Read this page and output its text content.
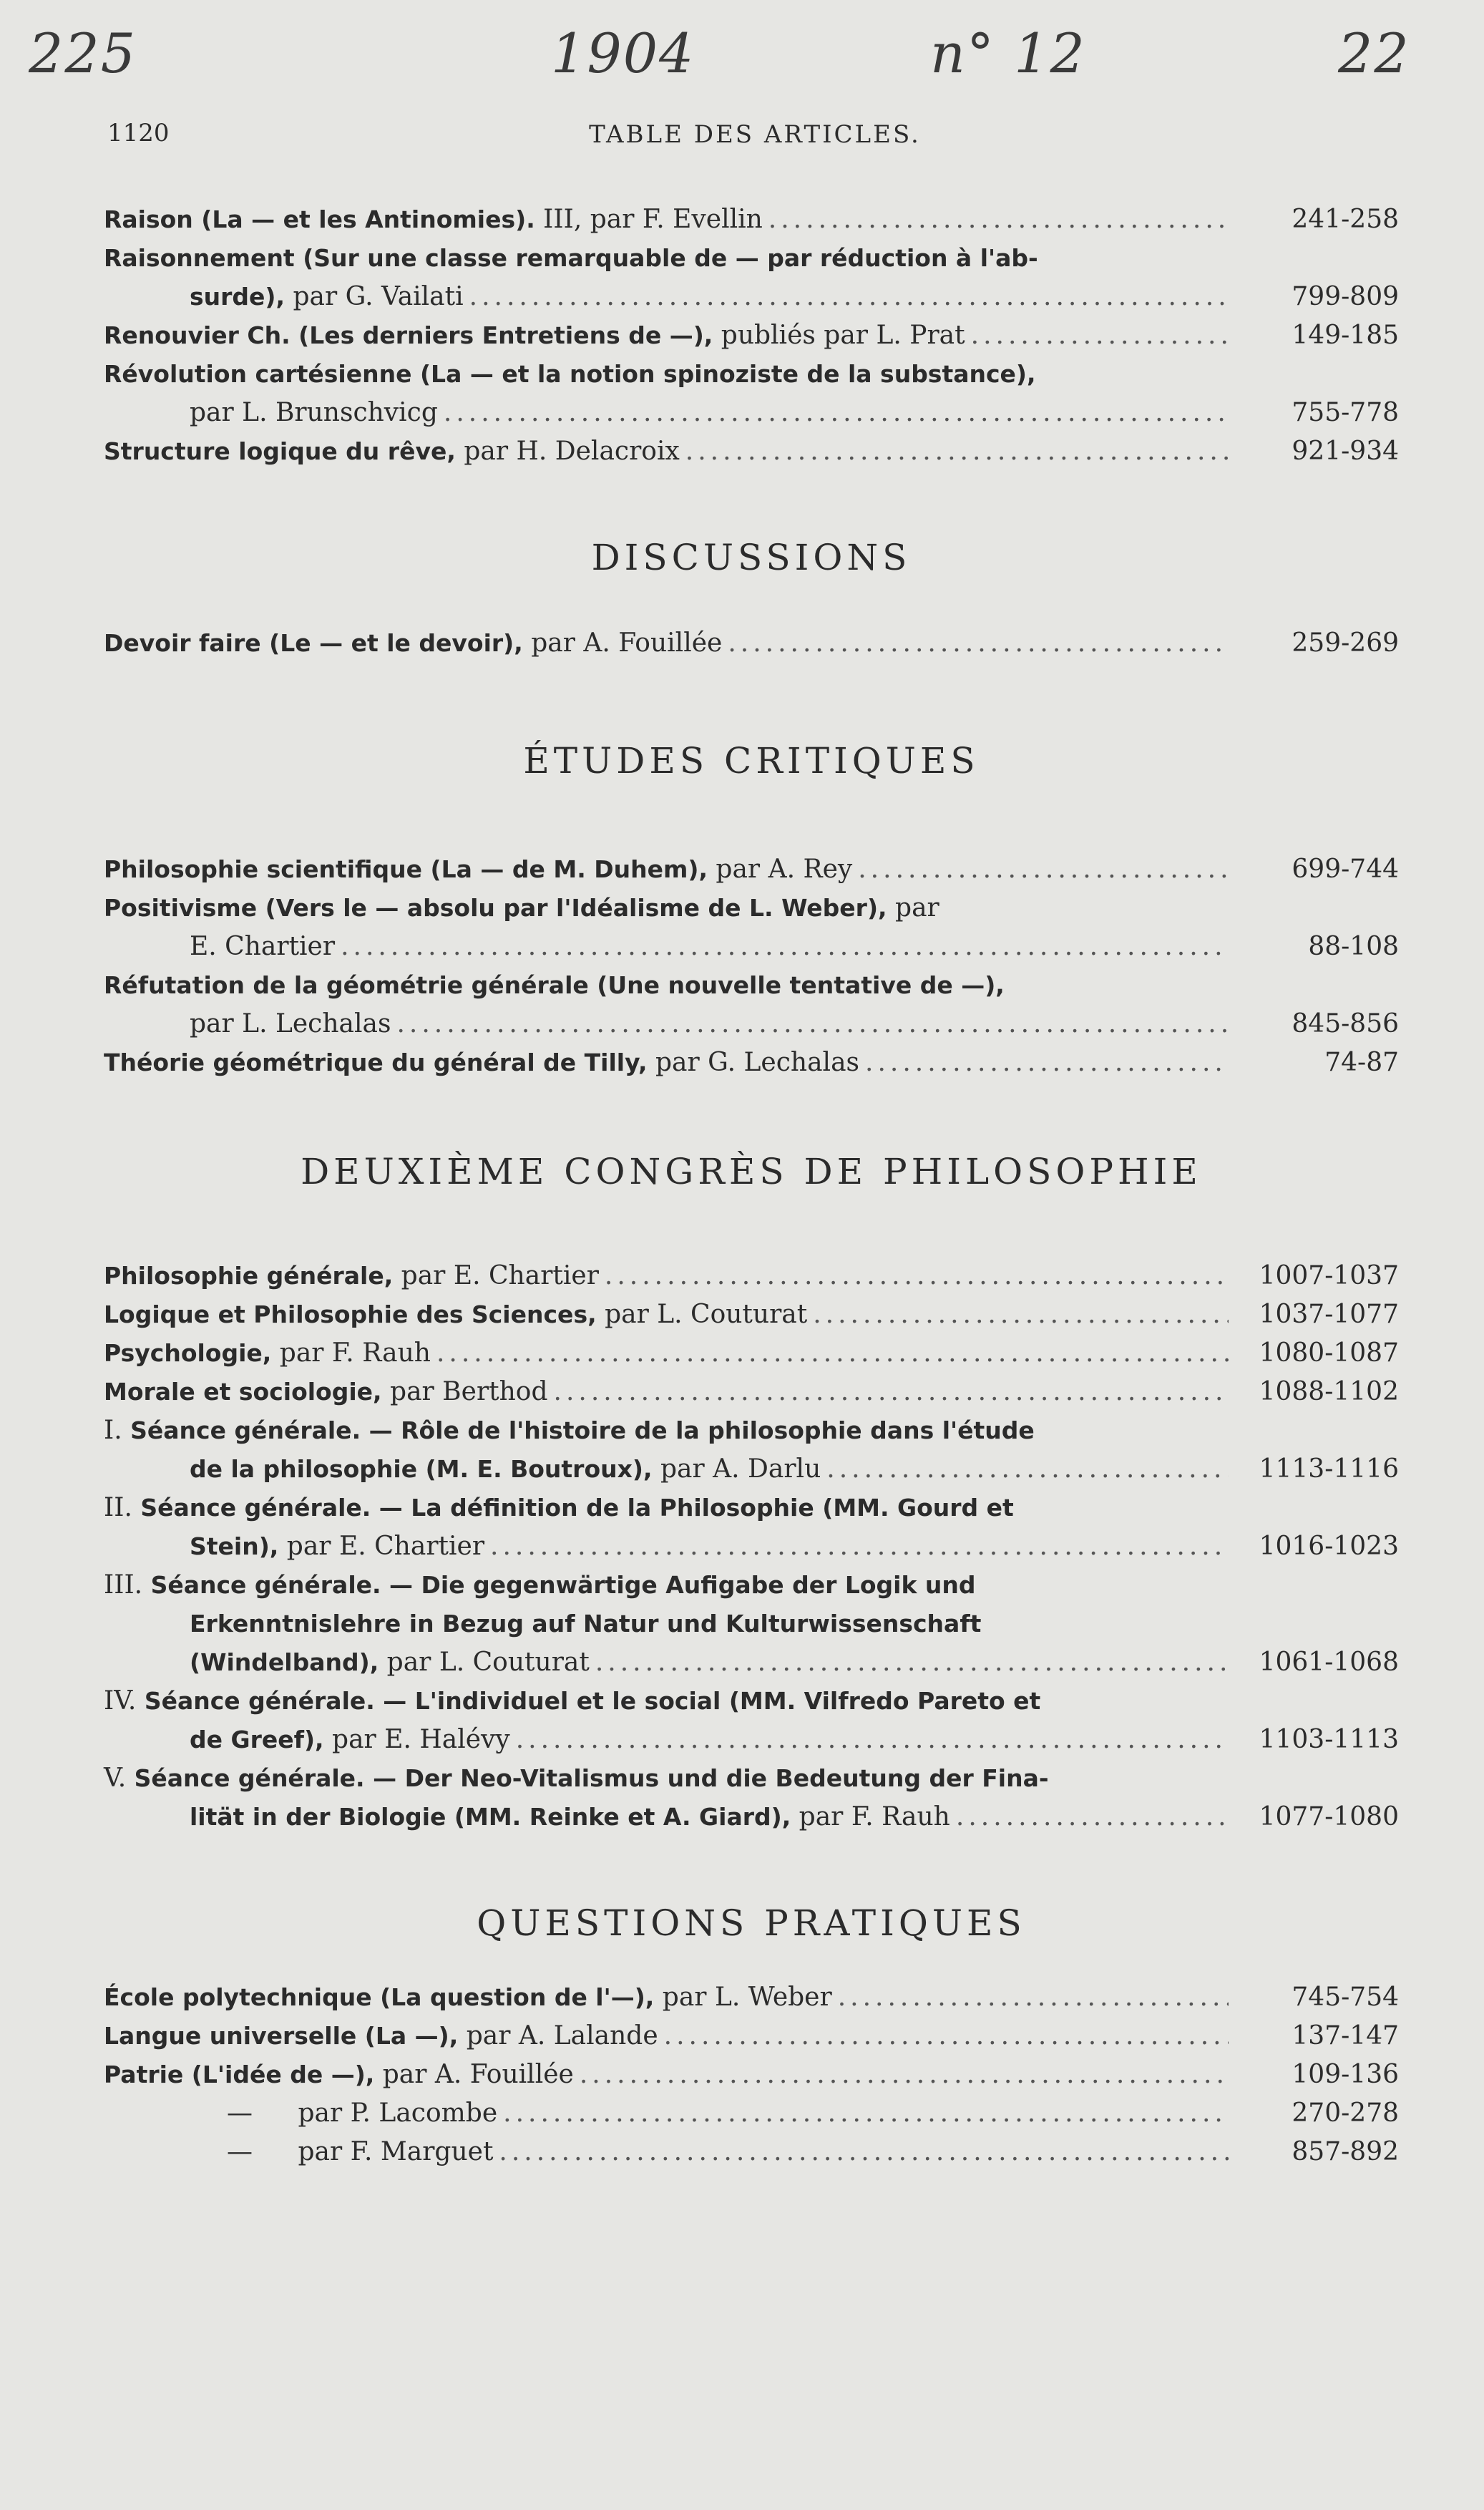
225	1904	n° 12	22
1120	TABLE DES ARTICLES.
Raison (La — et les Antinomies). III, par F. Evellin .....	241-258
Raisonnement (Sur une classe remarquable de — par réduction à l'ab-
surde), par G. Vailati .....	799-809
Renouvier Ch. (Les derniers Entretiens de —), publiés par L. Prat .....	149-185
Révolution cartésienne (La — et la notion spinoziste de la substance),
par L. Brunschvicg .....	755-778
Structure logique du rêve, par H. Delacroix .....	921-934
DISCUSSIONS
Devoir faire (Le — et le devoir), par A. Fouillée .....	259-269
ÉTUDES CRITIQUES
Philosophie scientifique (La — de M. Duhem), par A. Rey .....	699-744
Positivisme (Vers le — absolu par l'Idéalisme de L. Weber), par
E. Chartier .....	88-108
Réfutation de la géométrie générale (Une nouvelle tentative de —),
par L. Lechalas .....	845-856
Théorie géométrique du général de Tilly, par G. Lechalas .....	74-87
DEUXIÈME CONGRÈS DE PHILOSOPHIE
Philosophie générale, par E. Chartier .....	1007-1037
Logique et Philosophie des Sciences, par L. Couturat .....	1037-1077
Psychologie, par F. Rauh .....	1080-1087
Morale et sociologie, par Berthod .....	1088-1102
I. Séance générale. — Rôle de l'histoire de la philosophie dans l'étude
de la philosophie (M. E. Boutroux), par A. Darlu .....	1113-1116
II. Séance générale. — La définition de la Philosophie (MM. Gourd et
Stein), par E. Chartier .....	1016-1023
III. Séance générale. — Die gegenwärtige Aufigabe der Logik und
Erkenntnislehre in Bezug auf Natur und Kulturwissenschaft
(Windelband), par L. Couturat .....	1061-1068
IV. Séance générale. — L'individuel et le social (MM. Vilfredo Pareto et
de Greef), par E. Halévy .....	1103-1113
V. Séance générale. — Der Neo-Vitalismus und die Bedeutung der Fina-
lität in der Biologie (MM. Reinke et A. Giard), par F. Rauh .....	1077-1080
QUESTIONS PRATIQUES
École polytechnique (La question de l'—), par L. Weber .....	745-754
Langue universelle (La —), par A. Lalande .....	137-147
Patrie (L'idée de —), par A. Fouillée .....	109-136
— par P. Lacombe .....	270-278
— par F. Marguet .....	857-892
